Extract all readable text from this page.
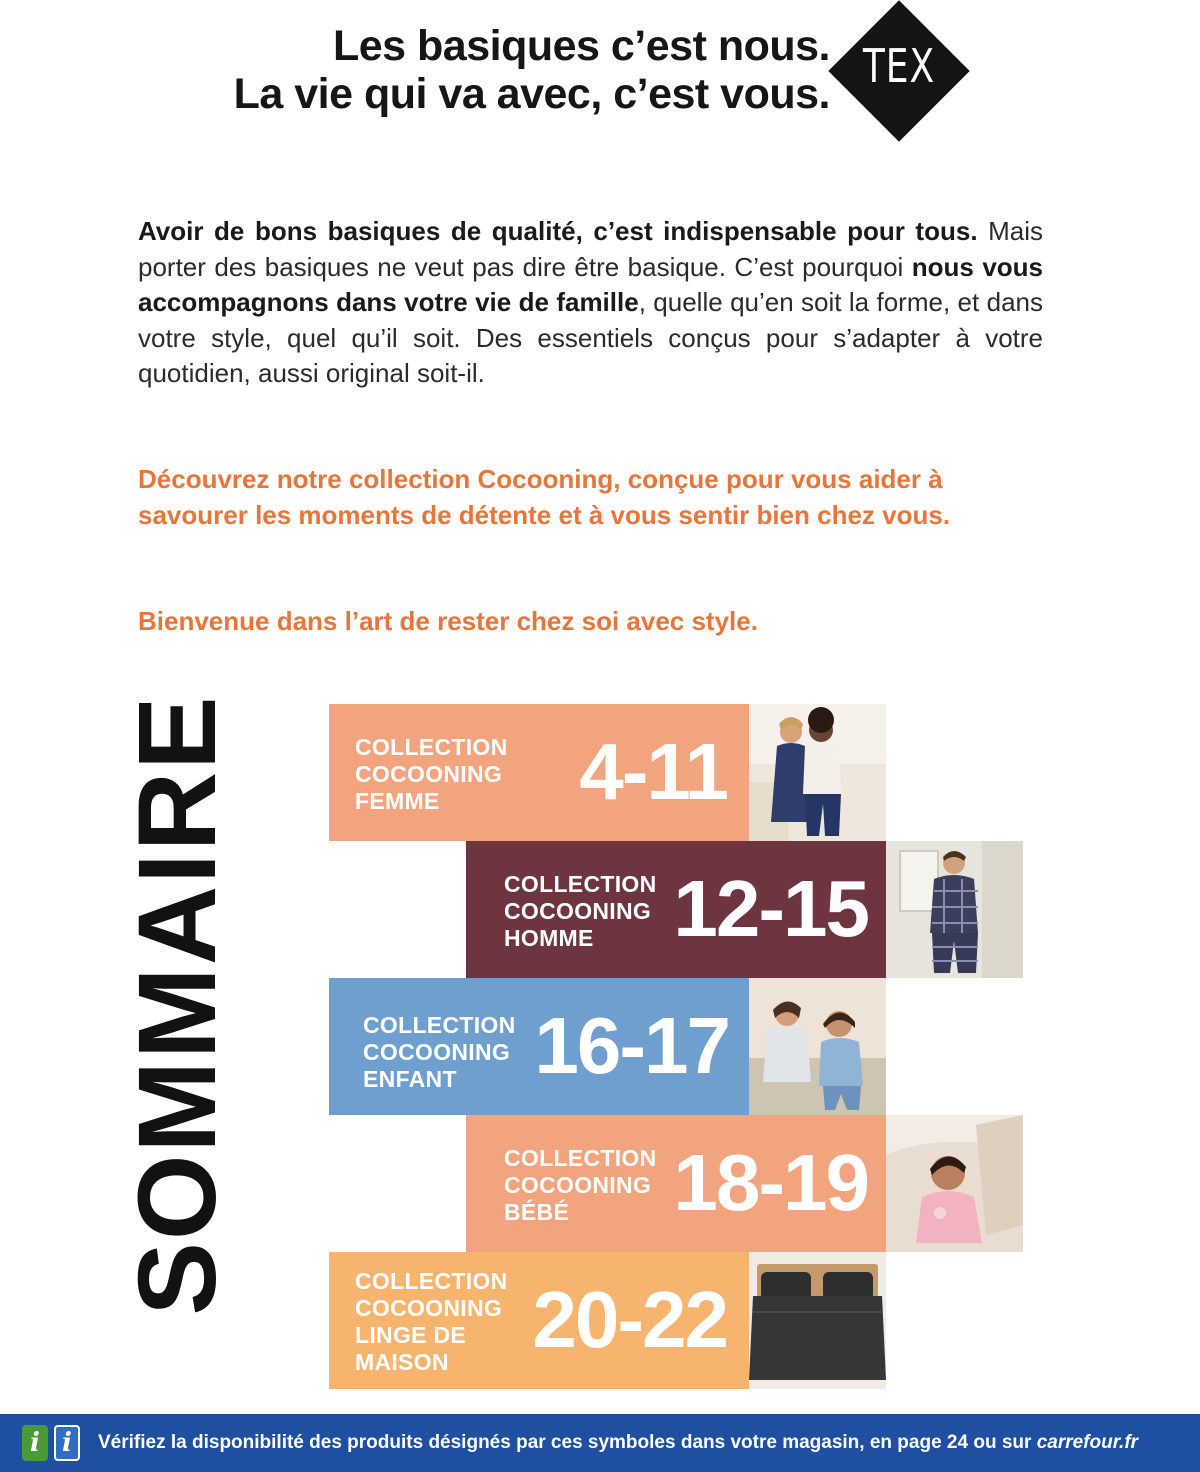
Les basiques c’est nous.
La vie qui va avec, c’est vous.
TEX
Avoir de bons basiques de qualité, c’est indispensable pour tous. Mais porter des basiques ne veut pas dire être basique. C’est pourquoi nous vous accompagnons dans votre vie de famille, quelle qu’en soit la forme, et dans votre style, quel qu’il soit. Des essentiels conçus pour s’adapter à votre quotidien, aussi original soit-il.
Découvrez notre collection Cocooning, conçue pour vous aider à savourer les moments de détente et à vous sentir bien chez vous.
Bienvenue dans l’art de rester chez soi avec style.
SOMMAIRE	COLLECTION
COCOONING
FEMME	4-11
COLLECTION
COCOONING
HOMME 12-15
COLLECTION
COCOONING
ENFANT 16-17
COLLECTION
COCOONING
BÉBÉ	18-19
COLLECTION
COCOONING
LINGE DE
MAISON	20-22
i i	Vérifiez la disponibilité des produits désignés par ces symboles dans votre magasin, en page 24 ou sur carrefour.fr
